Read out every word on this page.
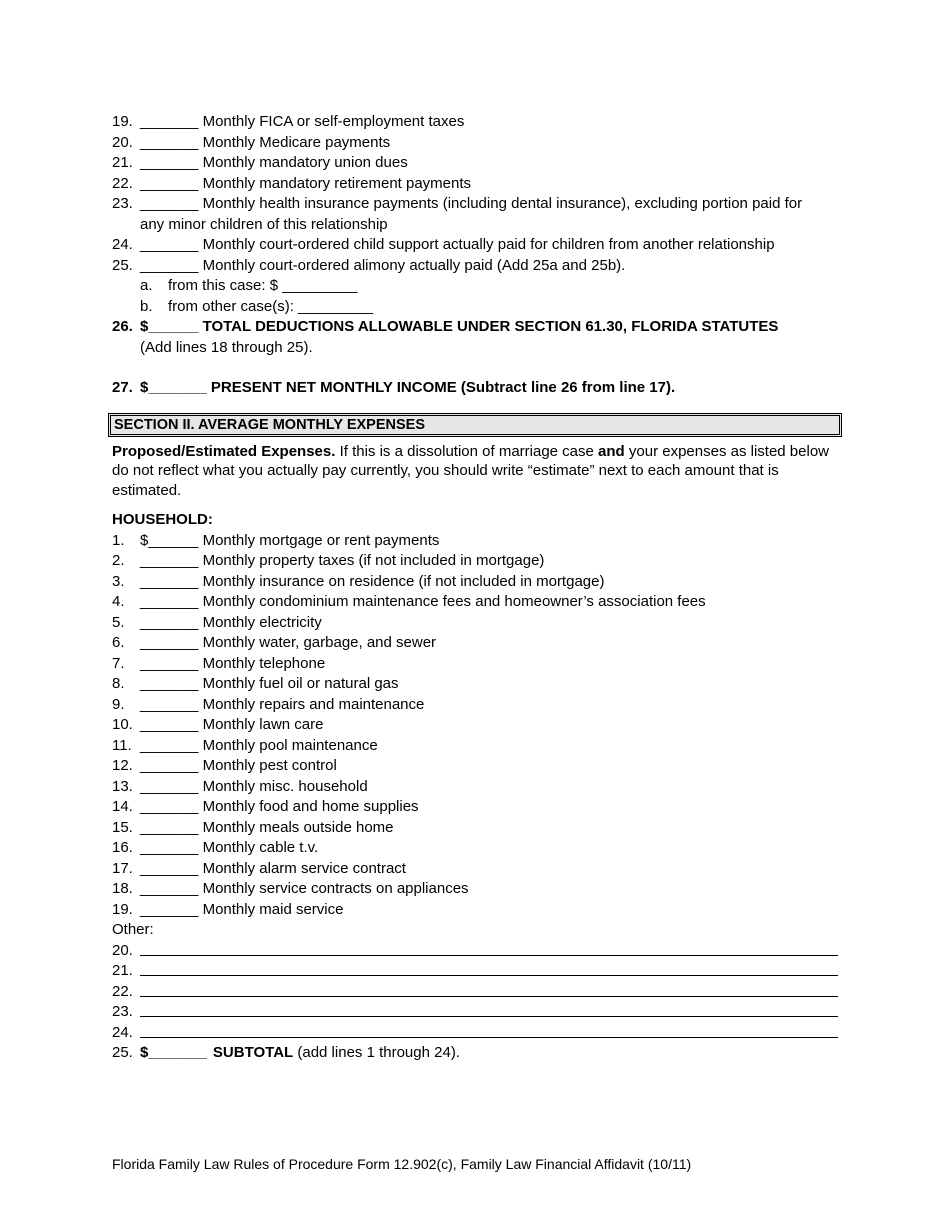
19. _______ Monthly FICA or self-employment taxes
20. _______ Monthly Medicare payments
21. _______ Monthly mandatory union dues
22. _______ Monthly mandatory retirement payments
23. _______ Monthly health insurance payments (including dental insurance), excluding portion paid for
any minor children of this relationship
24. _______ Monthly court-ordered child support actually paid for children from another relationship
25. _______ Monthly court-ordered alimony actually paid (Add 25a and 25b).
a. from this case: $ _________
b. from other case(s): _________
26. $______ TOTAL DEDUCTIONS ALLOWABLE UNDER SECTION 61.30, FLORIDA STATUTES
(Add lines 18 through 25).
27. $_______ PRESENT NET MONTHLY INCOME (Subtract line 26 from line 17).
SECTION II. AVERAGE MONTHLY EXPENSES
Proposed/Estimated Expenses. If this is a dissolution of marriage case and your expenses as listed below do not reflect what you actually pay currently, you should write “estimate” next to each amount that is estimated.
HOUSEHOLD:
1. $______ Monthly mortgage or rent payments
2. _______ Monthly property taxes (if not included in mortgage)
3. _______ Monthly insurance on residence (if not included in mortgage)
4. _______ Monthly condominium maintenance fees and homeowner’s association fees
5. _______ Monthly electricity
6. _______ Monthly water, garbage, and sewer
7. _______ Monthly telephone
8. _______ Monthly fuel oil or natural gas
9. _______ Monthly repairs and maintenance
10. _______ Monthly lawn care
11. _______ Monthly pool maintenance
12. _______ Monthly pest control
13. _______ Monthly misc. household
14. _______ Monthly food and home supplies
15. _______ Monthly meals outside home
16. _______ Monthly cable t.v.
17. _______ Monthly alarm service contract
18. _______ Monthly service contracts on appliances
19. _______ Monthly maid service
Other:
20.
21.
22.
23.
24.
25. $_______ SUBTOTAL (add lines 1 through 24).
Florida Family Law Rules of Procedure Form 12.902(c), Family Law Financial Affidavit (10/11)
